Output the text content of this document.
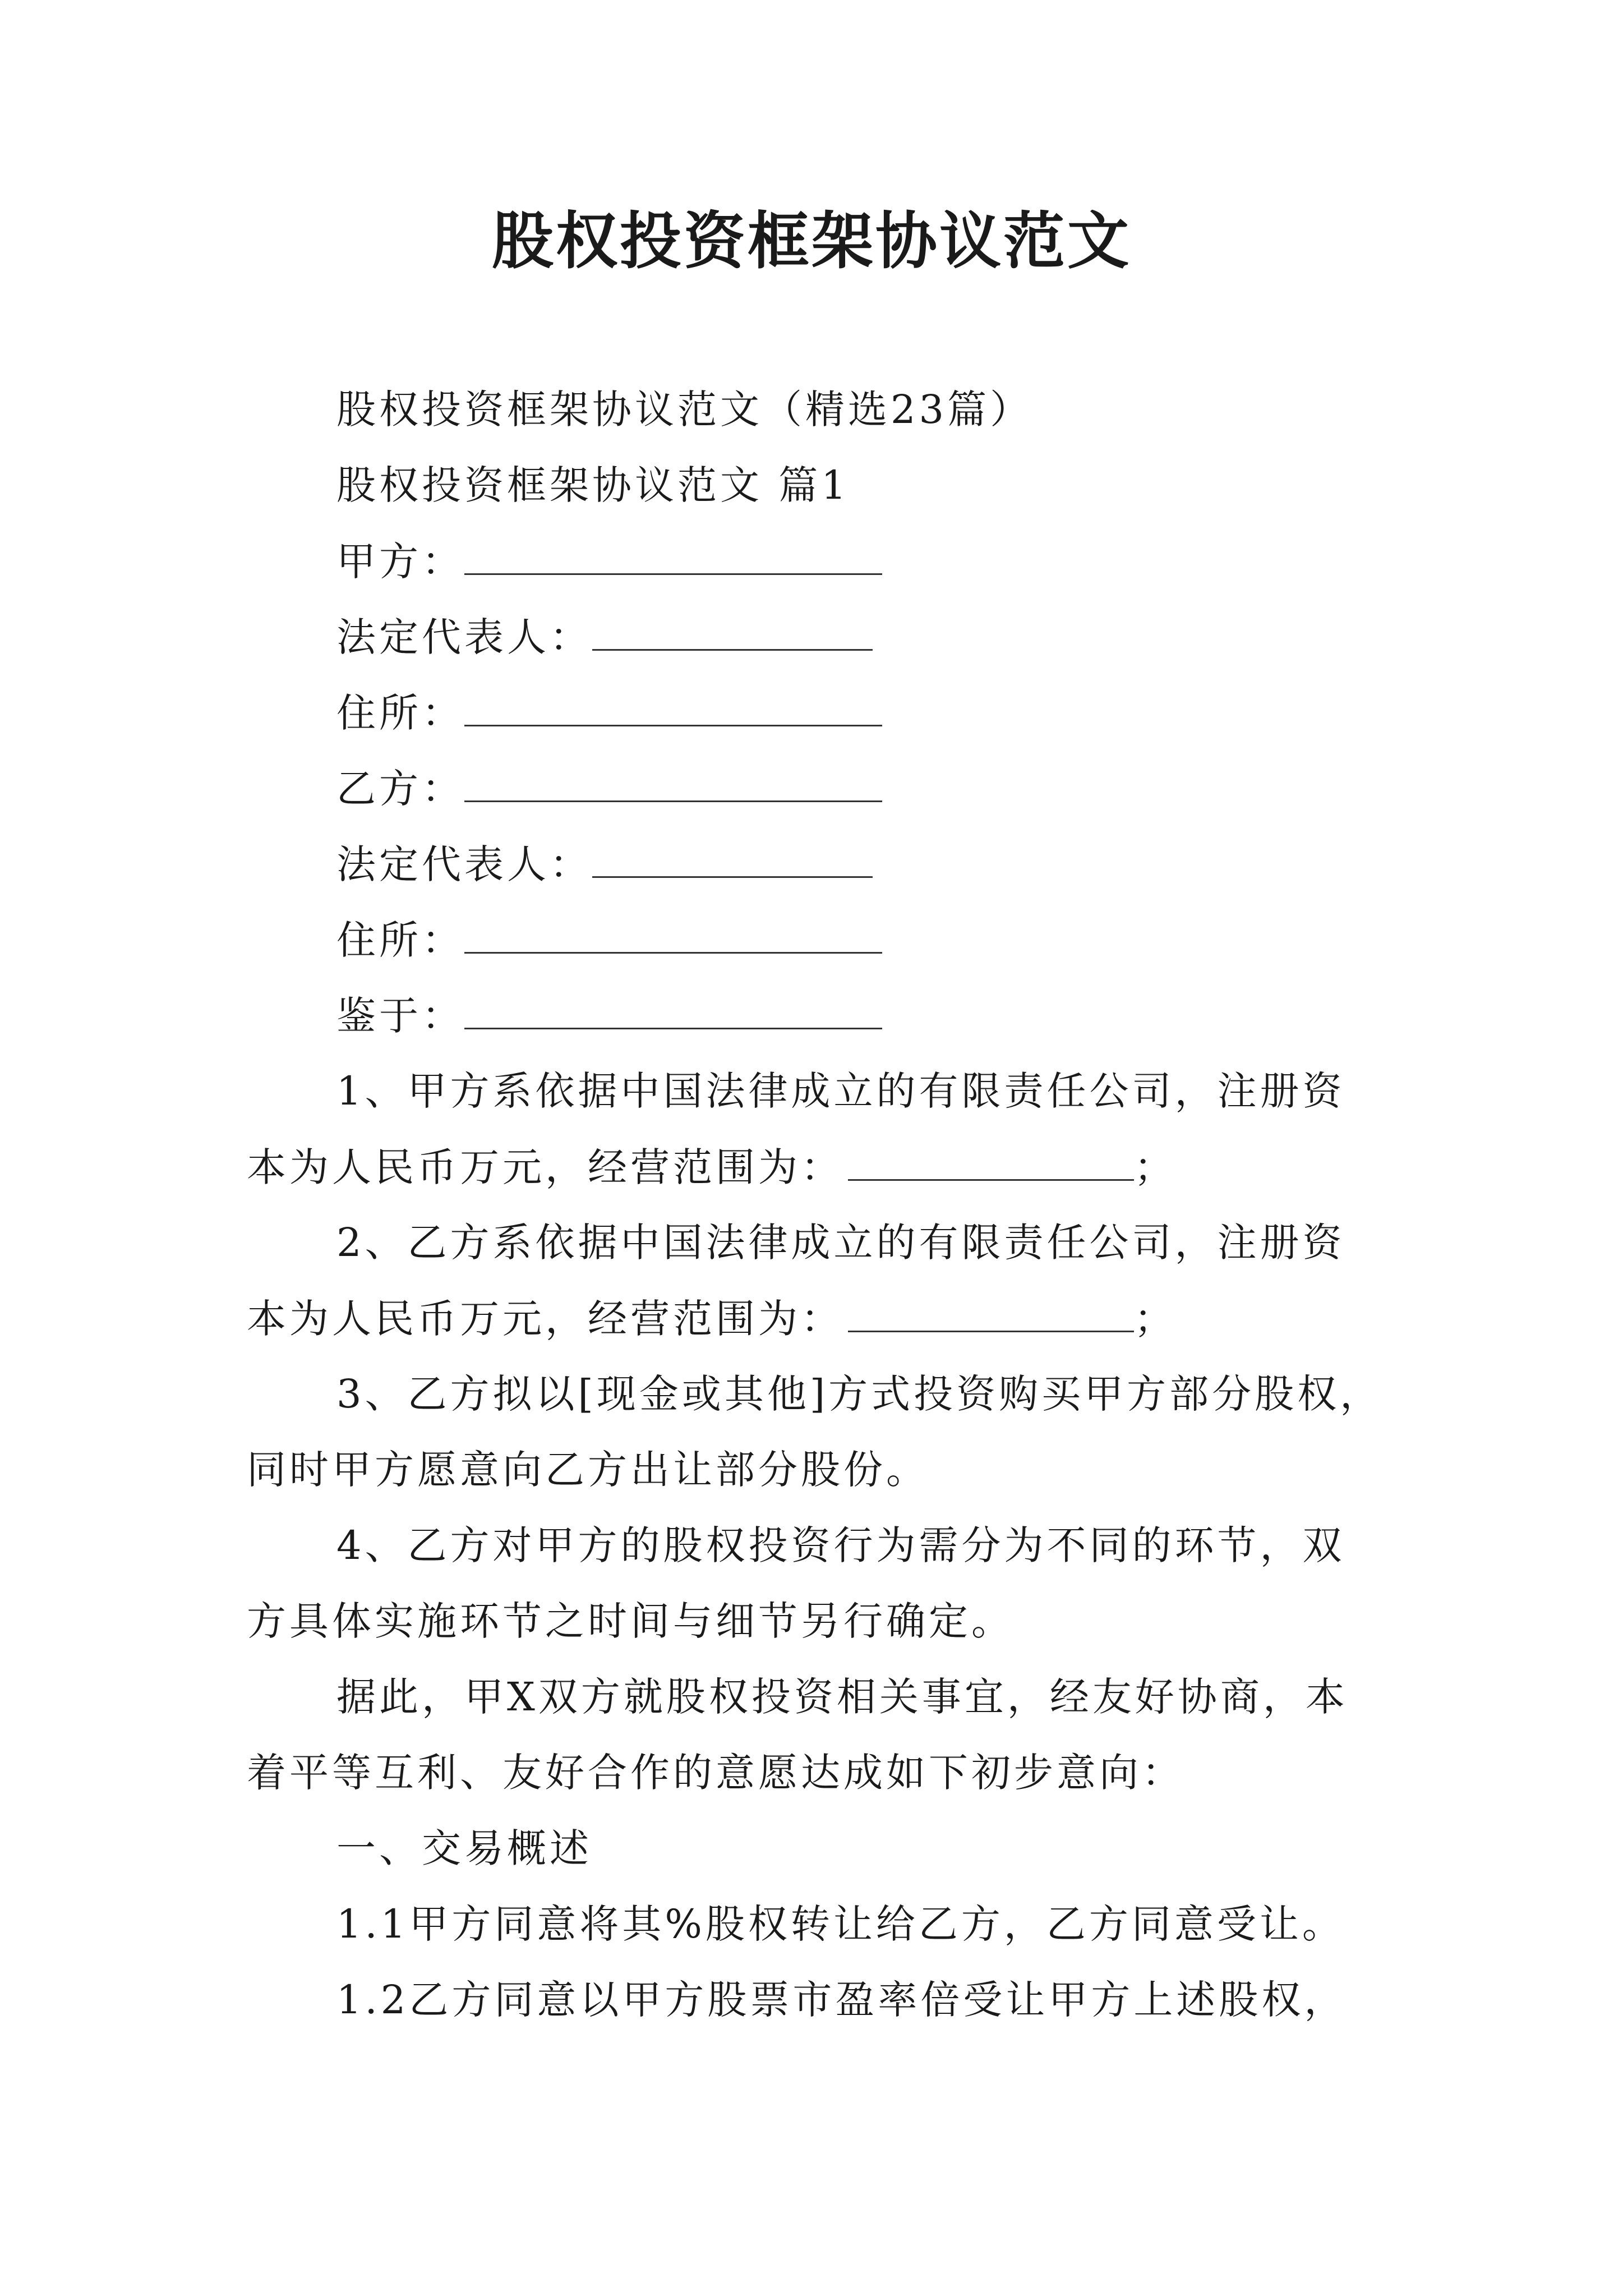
股权投资框架协议范文
股权投资框架协议范文（精选23篇）
股权投资框架协议范文 篇1
甲方：
法定代表人：
住所：
乙方：
法定代表人：
住所：
鉴于：
1、甲方系依据中国法律成立的有限责任公司，注册资
本为人民币万元，经营范围为：	；
2、乙方系依据中国法律成立的有限责任公司，注册资
本为人民币万元，经营范围为：	；
3、乙方拟以[现金或其他]方式投资购买甲方部分股权，
同时甲方愿意向乙方出让部分股份。
4、乙方对甲方的股权投资行为需分为不同的环节，双
方具体实施环节之时间与细节另行确定。
据此，甲X双方就股权投资相关事宜，经友好协商，本
着平等互利、友好合作的意愿达成如下初步意向：
一、交易概述
1.1甲方同意将其%股权转让给乙方，乙方同意受让。
1.2乙方同意以甲方股票市盈率倍受让甲方上述股权，
